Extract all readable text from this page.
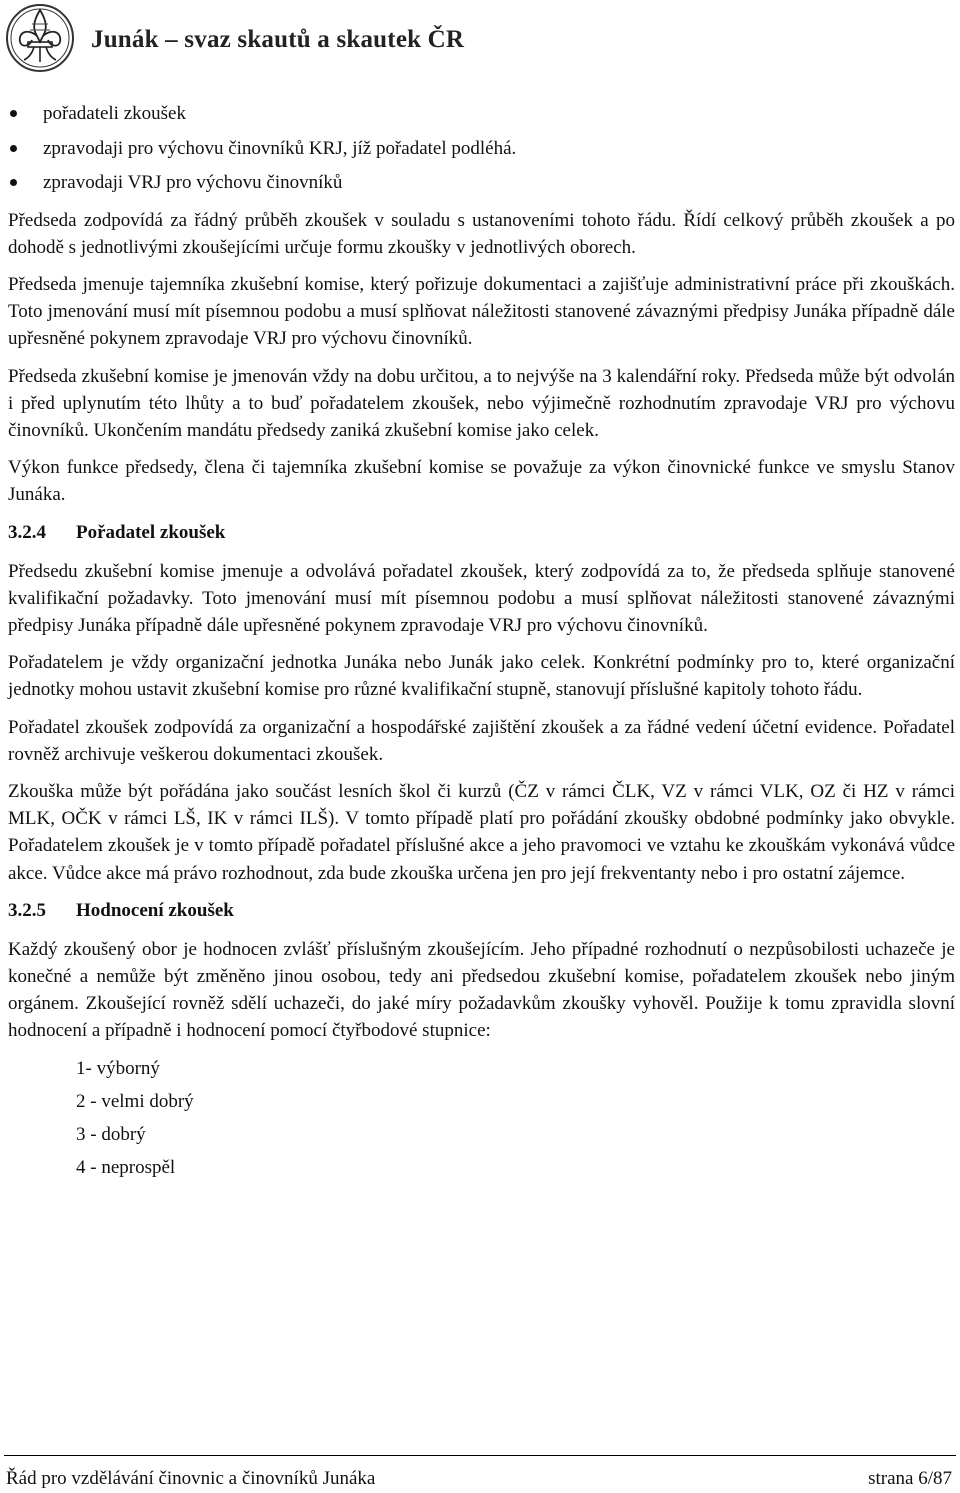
Junák – svaz skautů a skautek ČR
pořadateli zkoušek
zpravodaji pro výchovu činovníků KRJ, jíž pořadatel podléhá.
zpravodaji VRJ pro výchovu činovníků

Předseda zodpovídá za řádný průběh zkoušek v souladu s ustanoveními tohoto řádu. Řídí celkový průběh zkoušek a po dohodě s jednotlivými zkoušejícími určuje formu zkoušky v jednotlivých oborech.

Předseda jmenuje tajemníka zkušební komise, který pořizuje dokumentaci a zajišťuje administrativní práce při zkouškách. Toto jmenování musí mít písemnou podobu a musí splňovat náležitosti stanovené závaznými předpisy Junáka případně dále upřesněné pokynem zpravodaje VRJ pro výchovu činovníků.

Předseda zkušební komise je jmenován vždy na dobu určitou, a to nejvýše na 3 kalendářní roky. Předseda může být odvolán i před uplynutím této lhůty a to buď pořadatelem zkoušek, nebo výjimečně rozhodnutím zpravodaje VRJ pro výchovu činovníků. Ukončením mandátu předsedy zaniká zkušební komise jako celek.

Výkon funkce předsedy, člena či tajemníka zkušební komise se považuje za výkon činovnické funkce ve smyslu Stanov Junáka.

3.2.4 Pořadatel zkoušek

Předsedu zkušební komise jmenuje a odvolává pořadatel zkoušek, který zodpovídá za to, že předseda splňuje stanovené kvalifikační požadavky. Toto jmenování musí mít písemnou podobu a musí splňovat náležitosti stanovené závaznými předpisy Junáka případně dále upřesněné pokynem zpravodaje VRJ pro výchovu činovníků.

Pořadatelem je vždy organizační jednotka Junáka nebo Junák jako celek. Konkrétní podmínky pro to, které organizační jednotky mohou ustavit zkušební komise pro různé kvalifikační stupně, stanovují příslušné kapitoly tohoto řádu.

Pořadatel zkoušek zodpovídá za organizační a hospodářské zajištění zkoušek a za řádné vedení účetní evidence. Pořadatel rovněž archivuje veškerou dokumentaci zkoušek.

Zkouška může být pořádána jako součást lesních škol či kurzů (ČZ v rámci ČLK, VZ v rámci VLK, OZ či HZ v rámci MLK, OČK v rámci LŠ, IK v rámci ILŠ). V tomto případě platí pro pořádání zkoušky obdobné podmínky jako obvykle. Pořadatelem zkoušek je v tomto případě pořadatel příslušné akce a jeho pravomoci ve vztahu ke zkouškám vykonává vůdce akce. Vůdce akce má právo rozhodnout, zda bude zkouška určena jen pro její frekventanty nebo i pro ostatní zájemce.

3.2.5 Hodnocení zkoušek

Každý zkoušený obor je hodnocen zvlášť příslušným zkoušejícím. Jeho případné rozhodnutí o nezpůsobilosti uchazeče je konečné a nemůže být změněno jinou osobou, tedy ani předsedou zkušební komise, pořadatelem zkoušek nebo jiným orgánem. Zkoušející rovněž sdělí uchazeči, do jaké míry požadavkům zkoušky vyhověl. Použije k tomu zpravidla slovní hodnocení a případně i hodnocení pomocí čtyřbodové stupnice:

1- výborný
2 - velmi dobrý
3 - dobrý
4 - neprospěl
Řád pro vzdělávání činovnic a činovníků Junáka	strana 6/87
